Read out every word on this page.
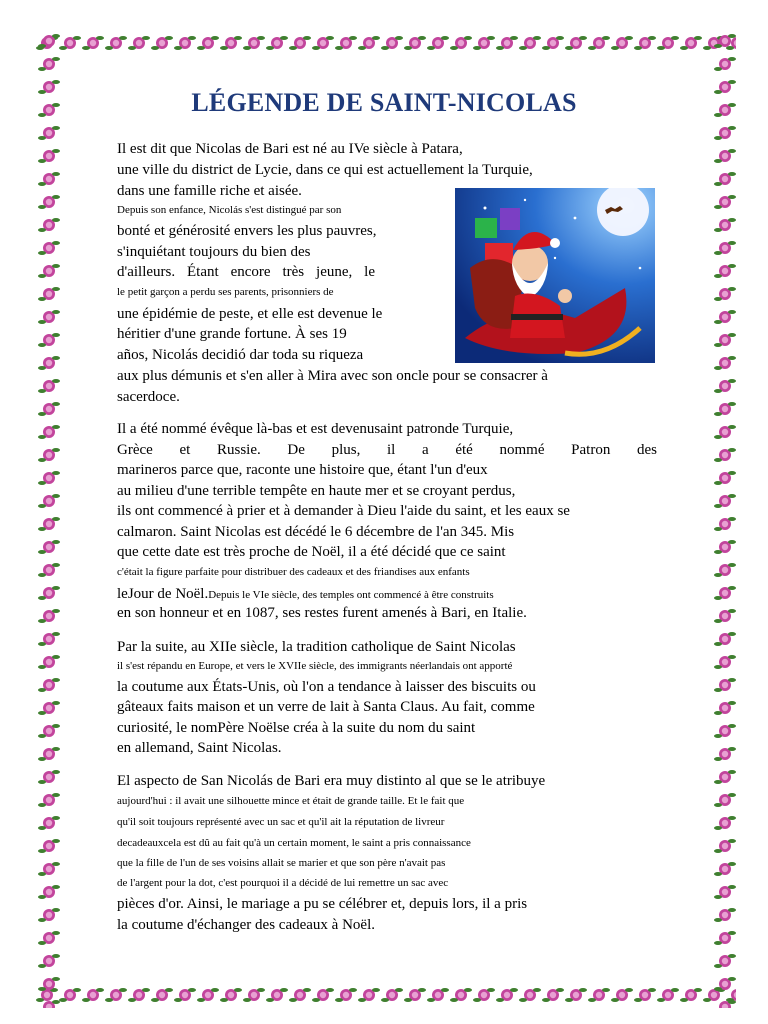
LÉGENDE DE SAINT-NICOLAS
Il est dit que Nicolas de Bari est né au IVe siècle à Patara,
une ville du district de Lycie, dans ce qui est actuellement la Turquie,
dans une famille riche et aisée.
Depuis son enfance, Nicolás s'est distingué par son
bonté et générosité envers les plus pauvres,
s'inquiétant toujours du bien des
d'ailleurs. Étant encore très jeune, le
le petit garçon a perdu ses parents, prisonniers de
une épidémie de peste, et elle est devenue le
héritier d'une grande fortune. À ses 19
años, Nicolás decidió dar toda su riqueza
aux plus démunis et s'en aller à Mira avec son oncle pour se consacrer à
sacerdoce.
Il a été nommé évêque là-bas et est devenusaint patronde Turquie,
Grèce et Russie. De plus, il a été nommé Patron des
marineros parce que, raconte une histoire que, étant l'un d'eux
au milieu d'une terrible tempête en haute mer et se croyant perdus,
ils ont commencé à prier et à demander à Dieu l'aide du saint, et les eaux se
calmaron. Saint Nicolas est décédé le 6 décembre de l'an 345. Mis
que cette date est très proche de Noël, il a été décidé que ce saint
c'était la figure parfaite pour distribuer des cadeaux et des friandises aux enfants
leJour de Noël.Depuis le VIe siècle, des temples ont commencé à être construits
en son honneur et en 1087, ses restes furent amenés à Bari, en Italie.
Par la suite, au XIIe siècle, la tradition catholique de Saint Nicolas
il s'est répandu en Europe, et vers le XVIIe siècle, des immigrants néerlandais ont apporté
la coutume aux États-Unis, où l'on a tendance à laisser des biscuits ou
gâteaux faits maison et un verre de lait à Santa Claus. Au fait, comme
curiosité, le nomPère Noëlse créa à la suite du nom du saint
en allemand, Saint Nicolas.
El aspecto de San Nicolás de Bari era muy distinto al que se le atribuye
aujourd'hui : il avait une silhouette mince et était de grande taille. Et le fait que
qu'il soit toujours représenté avec un sac et qu'il ait la réputation de livreur
decadeauxcela est dû au fait qu'à un certain moment, le saint a pris connaissance
que la fille de l'un de ses voisins allait se marier et que son père n'avait pas
de l'argent pour la dot, c'est pourquoi il a décidé de lui remettre un sac avec
pièces d'or. Ainsi, le mariage a pu se célébrer et, depuis lors, il a pris
la coutume d'échanger des cadeaux à Noël.
